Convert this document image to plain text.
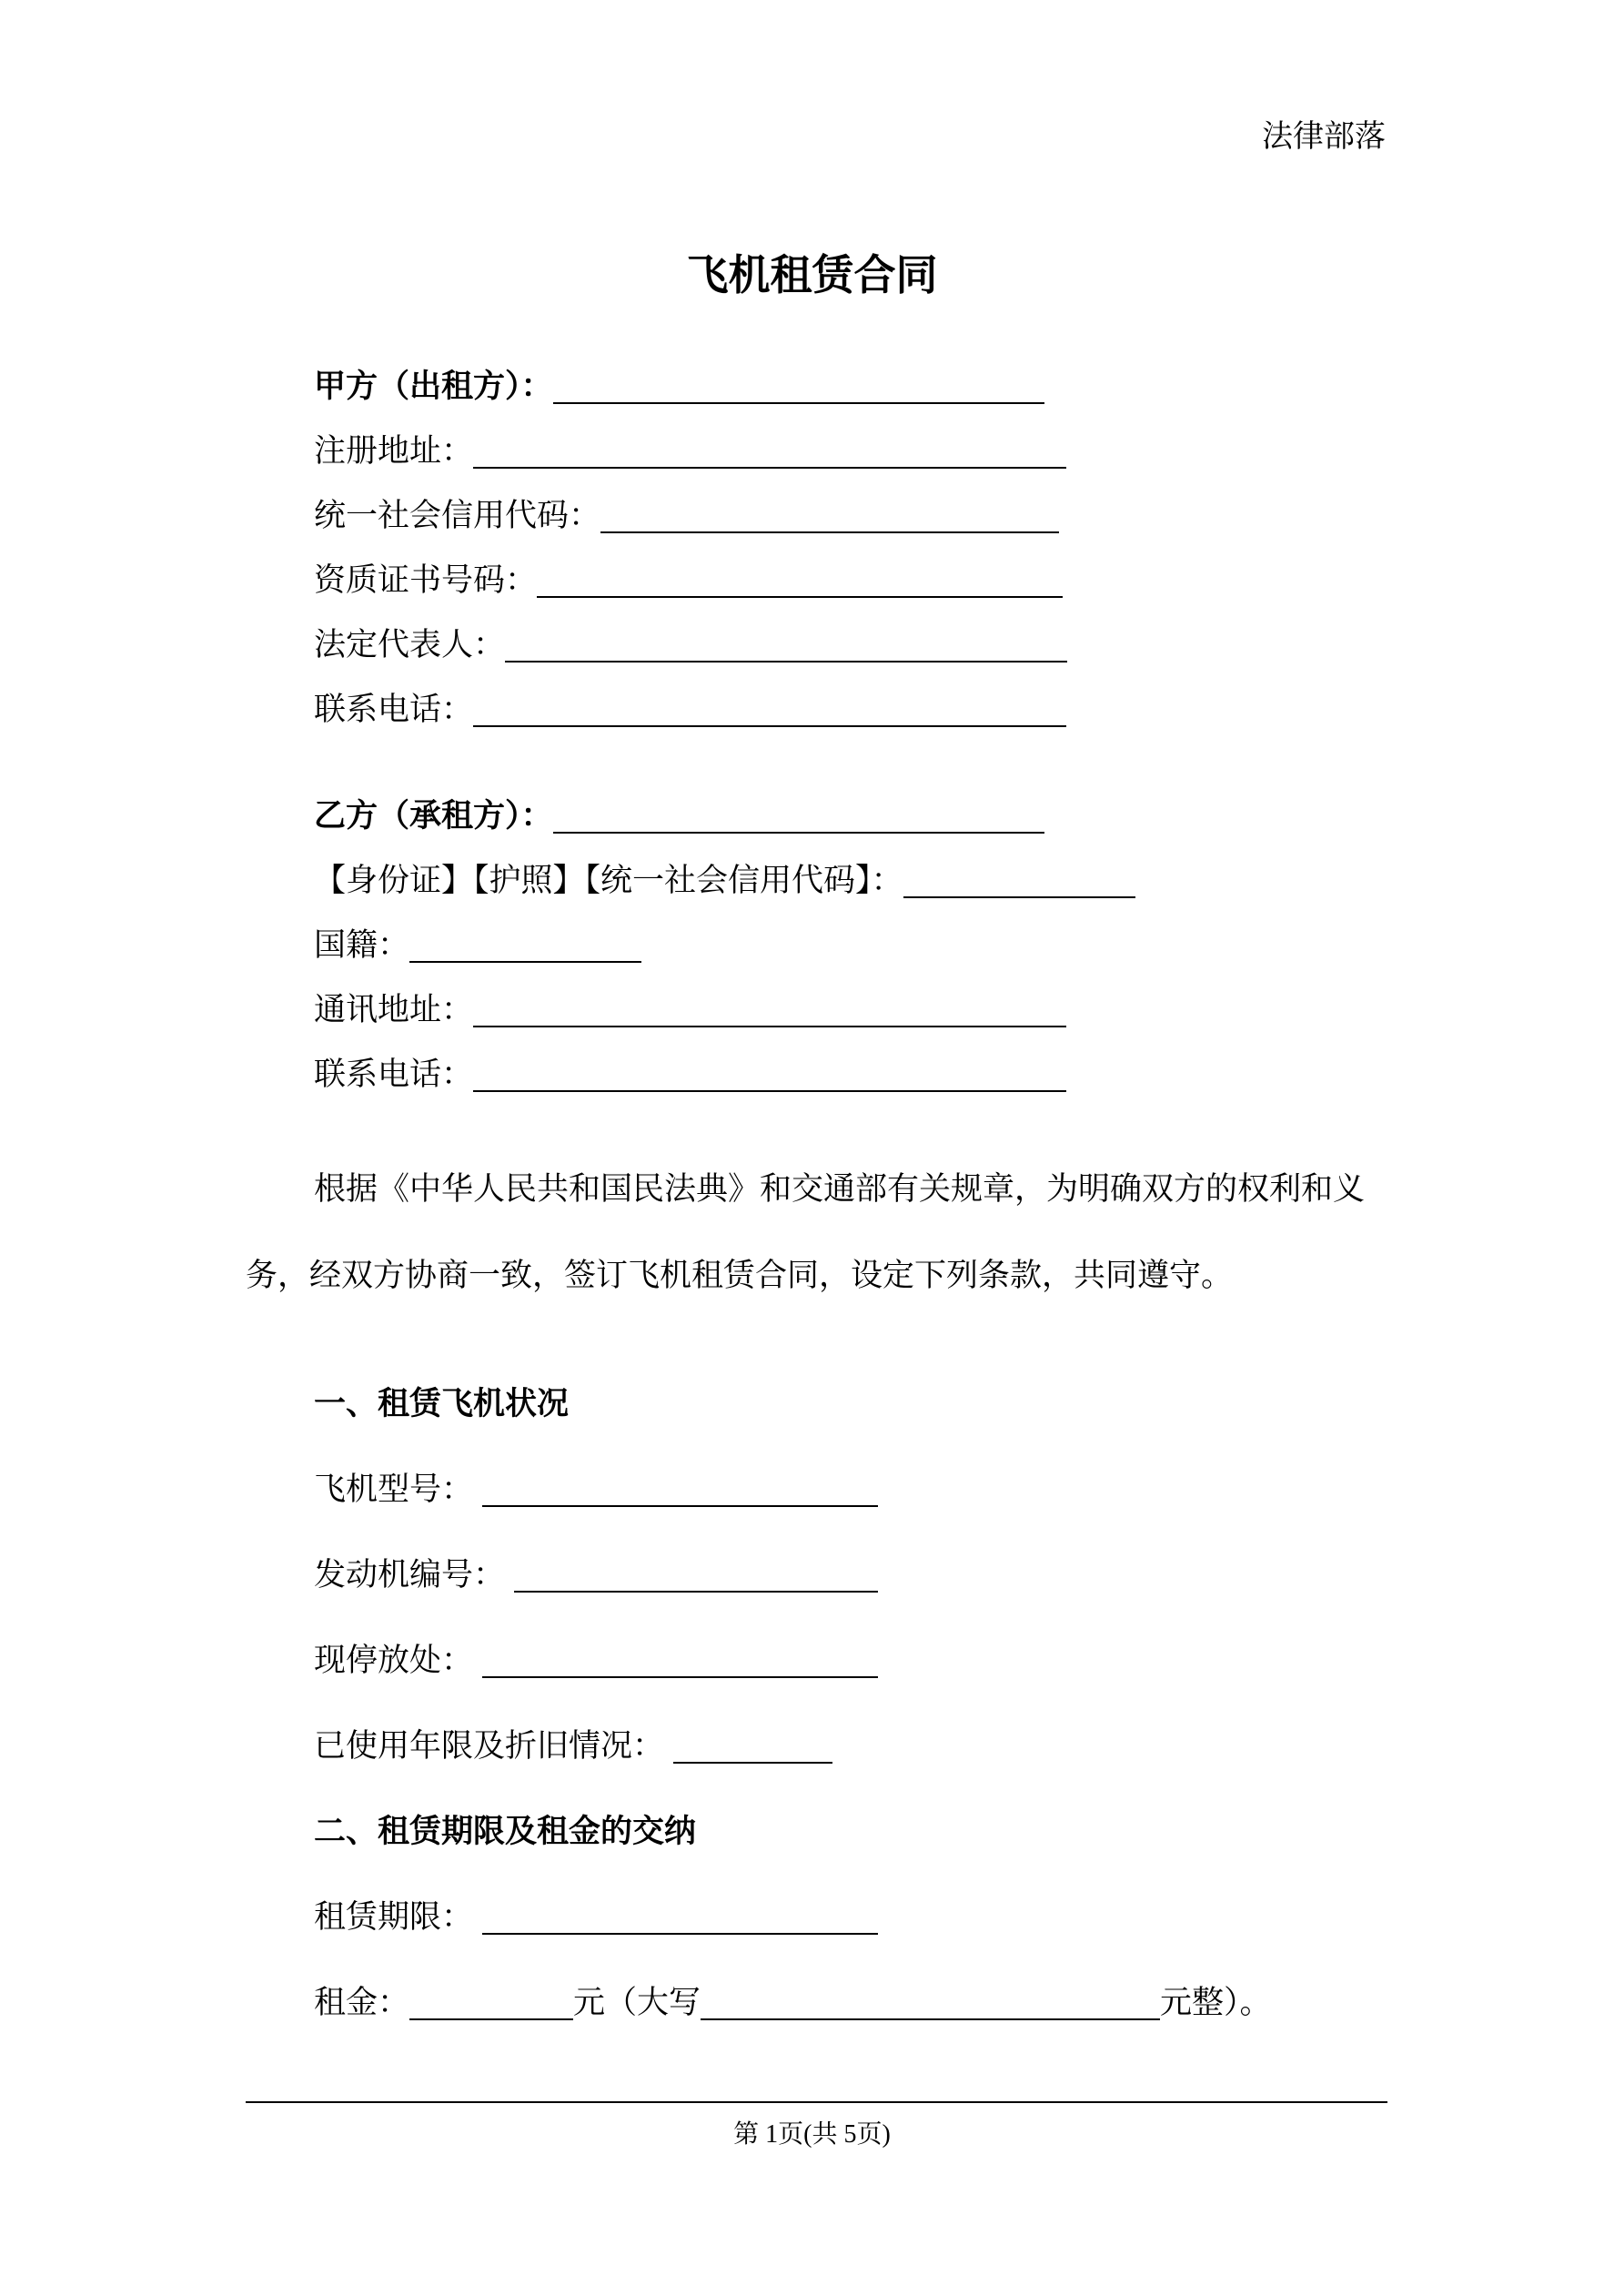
法律部落
飞机租赁合同
甲方（出租方）：
注册地址：
统一社会信用代码：
资质证书号码：
法定代表人：
联系电话：
乙方（承租方）：
【身份证】【护照】【统一社会信用代码】：
国籍：
通讯地址：
联系电话：
根据《中华人民共和国民法典》和交通部有关规章，为明确双方的权利和义
务，经双方协商一致，签订飞机租赁合同，设定下列条款，共同遵守。
一、租赁飞机状况
飞机型号：
发动机编号：
现停放处：
已使用年限及折旧情况：
二、租赁期限及租金的交纳
租赁期限：
租金：	元（大写	元整）。
第 1页(共 5页)
